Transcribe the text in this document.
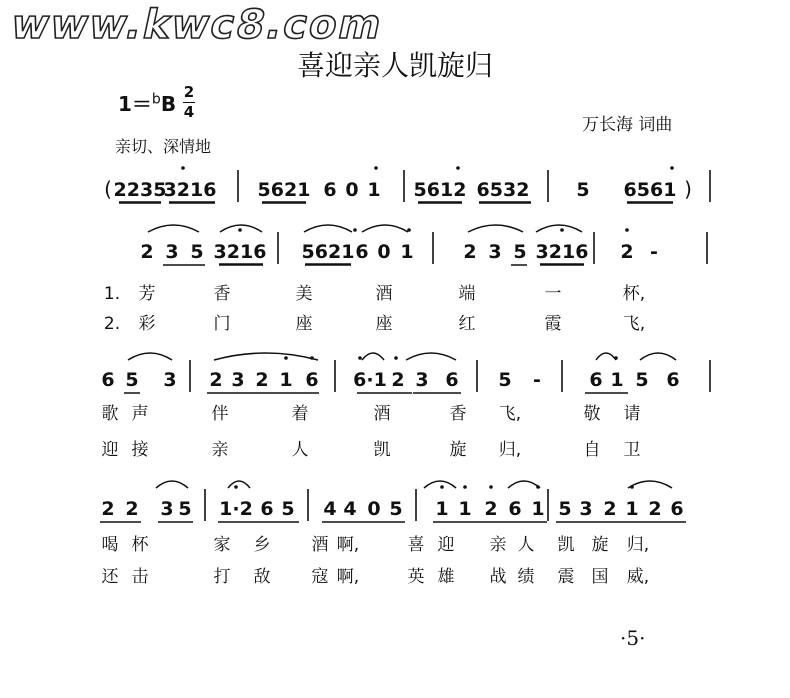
www.kwc8.com
喜迎亲人凯旋归
1＝$^b$B 2
4
万长海 词曲
亲切、深情地
( 2235
3216 5621 6 0 1 5612 6532 5 6561 )
2 3 5 3216 5621 6 0 1	2 3 5 3216 2 -
6 5 3 2 3 2 1 6 6·1 2 3 6 5 -	6 1 5 6
2 2 3 5 1·2 6 5 4 4 0 5 1 1 2 6 1 5 3 2 1 2 6
1. 芳	香	美	酒	端	一	杯,
2. 彩	门	座	座	红	霞	飞,
歌 声	伴	着	酒	香 飞,	敬 请
迎 接	亲	人	凯	旋 归,	自 卫
喝 杯	家 乡 酒 啊,	喜 迎 亲 人 凯 旋 归,
还 击	打 敌 寇 啊,	英 雄 战 绩 震 国 威,
·5·
